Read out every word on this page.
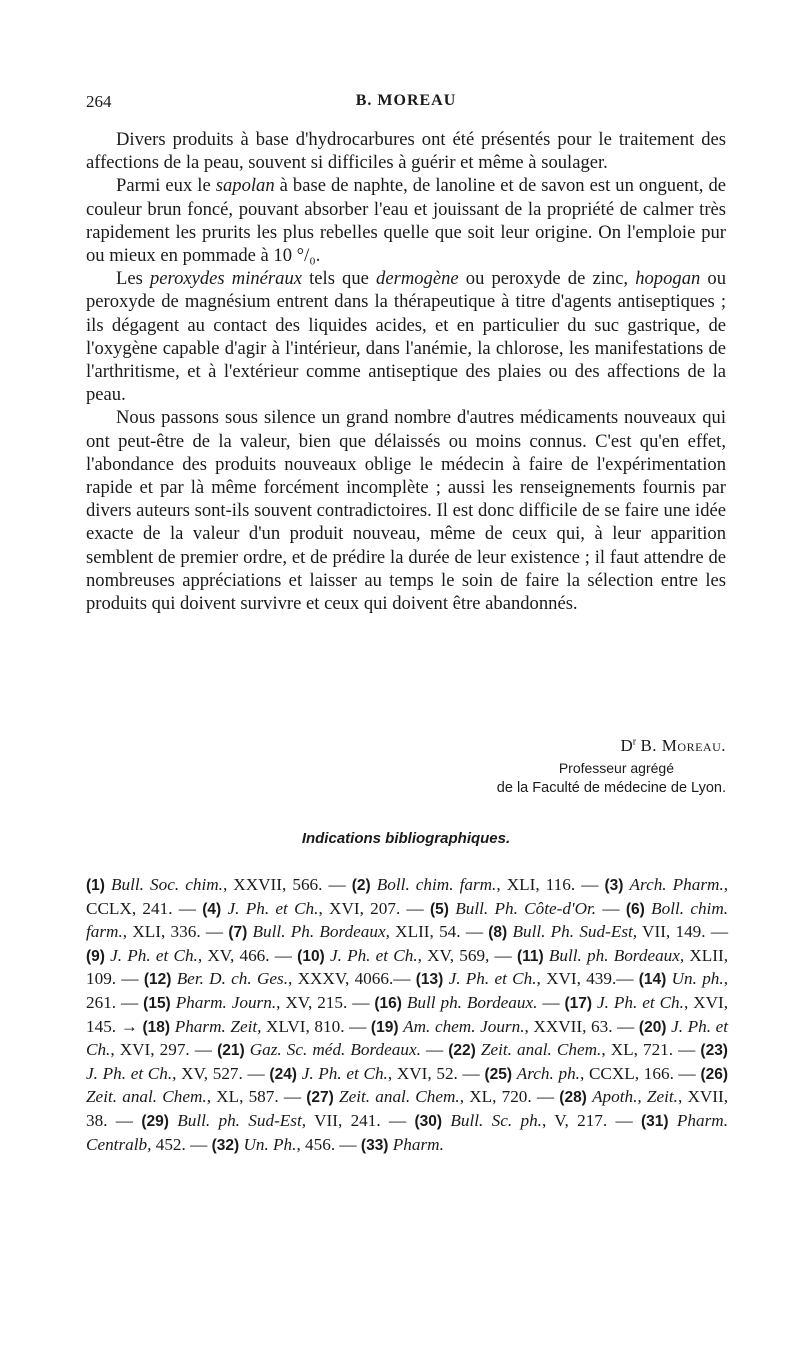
264	B. MOREAU

Divers produits à base d'hydrocarbures ont été présentés pour le traitement des affections de la peau, souvent si difficiles à guérir et même à soulager.

Parmi eux le sapolan à base de naphte, de lanoline et de savon est un onguent, de couleur brun foncé, pouvant absorber l'eau et jouissant de la propriété de calmer très rapidement les prurits les plus rebelles quelle que soit leur origine. On l'emploie pur ou mieux en pommade à 10 °/₀.

Les peroxydes minéraux tels que dermogène ou peroxyde de zinc, hopogan ou peroxyde de magnésium entrent dans la thérapeutique à titre d'agents antiseptiques ; ils dégagent au contact des liquides acides, et en particulier du suc gastrique, de l'oxygène capable d'agir à l'intérieur, dans l'anémie, la chlorose, les manifestations de l'arthritisme, et à l'extérieur comme antiseptique des plaies ou des affections de la peau.

Nous passons sous silence un grand nombre d'autres médicaments nouveaux qui ont peut-être de la valeur, bien que délaissés ou moins connus. C'est qu'en effet, l'abondance des produits nouveaux oblige le médecin à faire de l'expérimentation rapide et par là même forcément incomplète ; aussi les renseignements fournis par divers auteurs sont-ils souvent contradictoires. Il est donc difficile de se faire une idée exacte de la valeur d'un produit nouveau, même de ceux qui, à leur apparition semblent de premier ordre, et de prédire la durée de leur existence ; il faut attendre de nombreuses appréciations et laisser au temps le soin de faire la sélection entre les produits qui doivent survivre et ceux qui doivent être abandonnés.

$D^r$ B. Moreau.
Professeur agrégé
de la Faculté de médecine de Lyon.
Indications bibliographiques.
(1) Bull. Soc. chim., XXVII, 566. — (2) Boll. chim. farm., XLI, 116. — (3) Arch. Pharm., CCLX, 241. — (4) J. Ph. et Ch., XVI, 207. — (5) Bull. Ph. Côte-d'Or. — (6) Boll. chim. farm., XLI, 336. — (7) Bull. Ph. Bordeaux, XLII, 54. — (8) Bull. Ph. Sud-Est, VII, 149. — (9) J. Ph. et Ch., XV, 466. — (10) J. Ph. et Ch., XV, 569, — (11) Bull. ph. Bordeaux, XLII, 109. — (12) Ber. D. ch. Ges., XXXV, 4066.— (13) J. Ph. et Ch., XVI, 439.— (14) Un. ph., 261. — (15) Pharm. Journ., XV, 215. — (16) Bull ph. Bordeaux. — (17) J. Ph. et Ch., XVI, 145. → (18) Pharm. Zeit, XLVI, 810. — (19) Am. chem. Journ., XXVII, 63. — (20) J. Ph. et Ch., XVI, 297. — (21) Gaz. Sc. méd. Bordeaux. — (22) Zeit. anal. Chem., XL, 721. — (23) J. Ph. et Ch., XV, 527. — (24) J. Ph. et Ch., XVI, 52. — (25) Arch. ph., CCXL, 166. — (26) Zeit. anal. Chem., XL, 587. — (27) Zeit. anal. Chem., XL, 720. — (28) Apoth., Zeit., XVII, 38. — (29) Bull. ph. Sud-Est, VII, 241. — (30) Bull. Sc. ph., V, 217. — (31) Pharm. Centralb, 452. — (32) Un. Ph., 456. — (33) Pharm.
